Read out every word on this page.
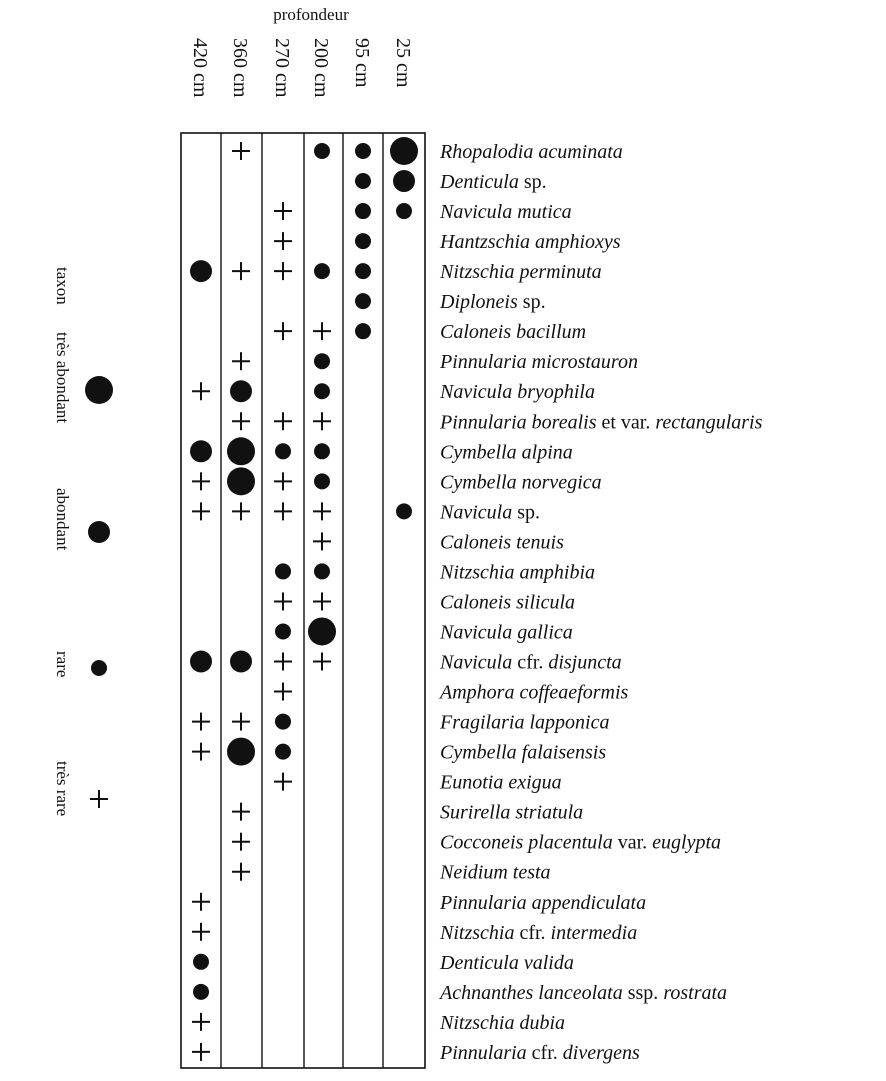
profondeur
420 cm 360 cm 270 cm 200 cm 95 cm 25 cm
Rhopalodia acuminata
Denticula sp.
Navicula mutica
Hantzschia amphioxys
Nitzschia perminuta
Diploneis sp.
Caloneis bacillum
Pinnularia microstauron
Navicula bryophila
Pinnularia borealis et var. rectangularis
Cymbella alpina
Cymbella norvegica
Navicula sp.
Caloneis tenuis
Nitzschia amphibia
Caloneis silicula
Navicula gallica
Navicula cfr. disjuncta
Amphora coffeaeformis
Fragilaria lapponica
Cymbella falaisensis
Eunotia exigua
Surirella striatula
Cocconeis placentula var. euglypta
Neidium testa
Pinnularia appendiculata
Nitzschia cfr. intermedia
Denticula valida
Achnanthes lanceolata ssp. rostrata
Nitzschia dubia
Pinnularia cfr. divergens
taxon
très abondant
abondant
rare
très rare
